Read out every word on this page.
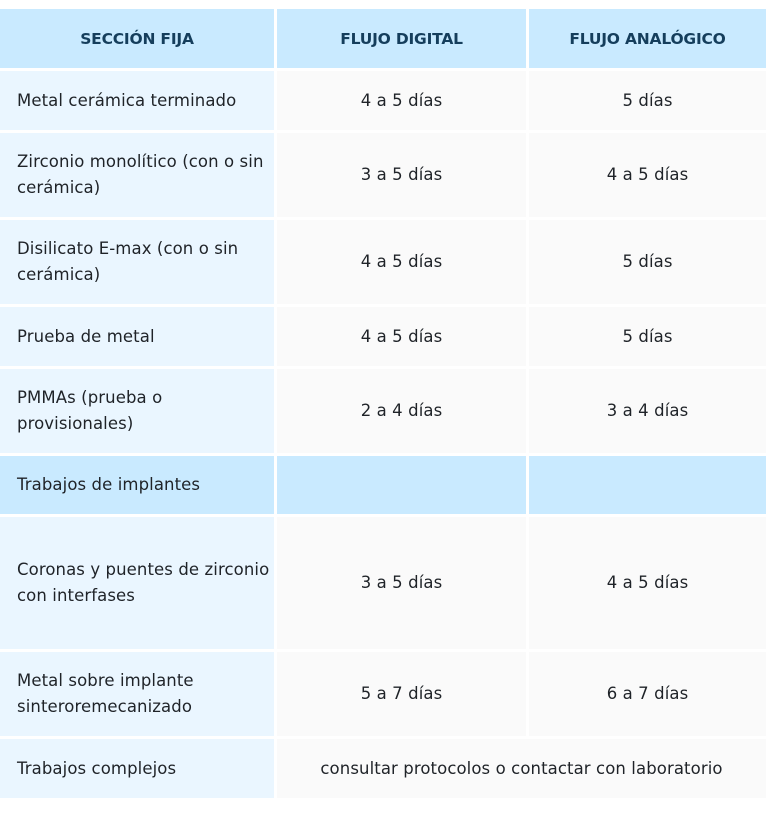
SECCIÓN FIJA	FLUJO DIGITAL	FLUJO ANALÓGICO
Metal cerámica terminado	4 a 5 días	5 días
Zirconio monolítico (con o sin cerámica)	3 a 5 días	4 a 5 días
Disilicato E-max (con o sin cerámica)	4 a 5 días	5 días
Prueba de metal	4 a 5 días	5 días
PMMAs (prueba o provisionales)	2 a 4 días	3 a 4 días
Trabajos de implantes		
Coronas y puentes de zirconio con interfases	3 a 5 días	4 a 5 días
Metal sobre implante sinteroremecanizado	5 a 7 días	6 a 7 días
Trabajos complejos	consultar protocolos o contactar con laboratorio	
